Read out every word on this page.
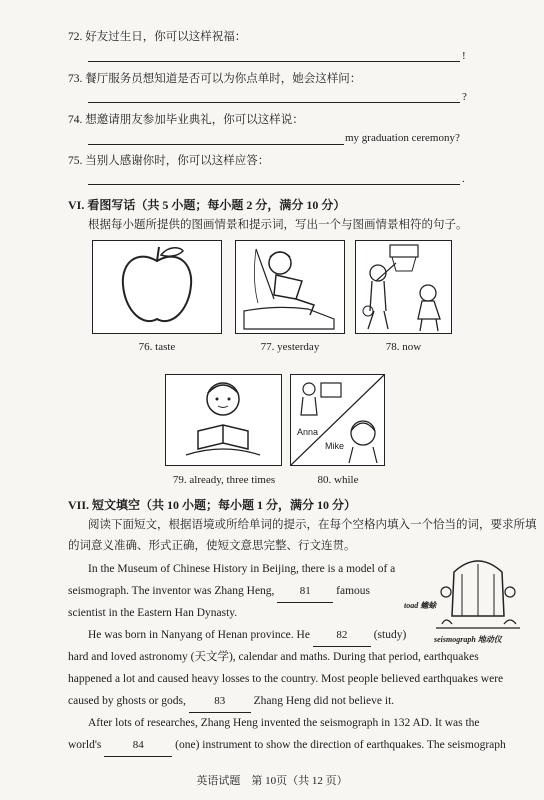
72. 好友过生日，你可以这样祝福：
!
73. 餐厅服务员想知道是否可以为你点单时，她会这样问：
?
74. 想邀请朋友参加毕业典礼，你可以这样说：
my graduation ceremony?
75. 当别人感谢你时，你可以这样应答：
.
VI. 看图写话（共 5 小题；每小题 2 分，满分 10 分）
根据每小题所提供的图画情景和提示词，写出一个与图画情景相符的句子。
76. taste	77. yesterday	78. now
79. already, three times
Anna
Mike
80. while
VII. 短文填空（共 10 小题；每小题 1 分，满分 10 分）
阅读下面短文，根据语境或所给单词的提示，在每个空格内填入一个恰当的词，要求所填
的词意义准确、形式正确，使短文意思完整、行文连贯。
toad 蟾蜍
seismograph 地动仪
In the Museum of Chinese History in Beijing, there is a model of a
seismograph. The inventor was Zhang Heng, 81 famous
scientist in the Eastern Han Dynasty.
He was born in Nanyang of Henan province. He 82 (study)
hard and loved astronomy (天文学), calendar and maths. During that period, earthquakes
happened a lot and caused heavy losses to the country. Most people believed earthquakes were
caused by ghosts or gods,	83 Zhang Heng did not believe it.
After lots of researches, Zhang Heng invented the seismograph in 132 AD. It was the
world's	84	(one) instrument to show the direction of earthquakes. The seismograph
英语试题　第 10页（共 12 页）
